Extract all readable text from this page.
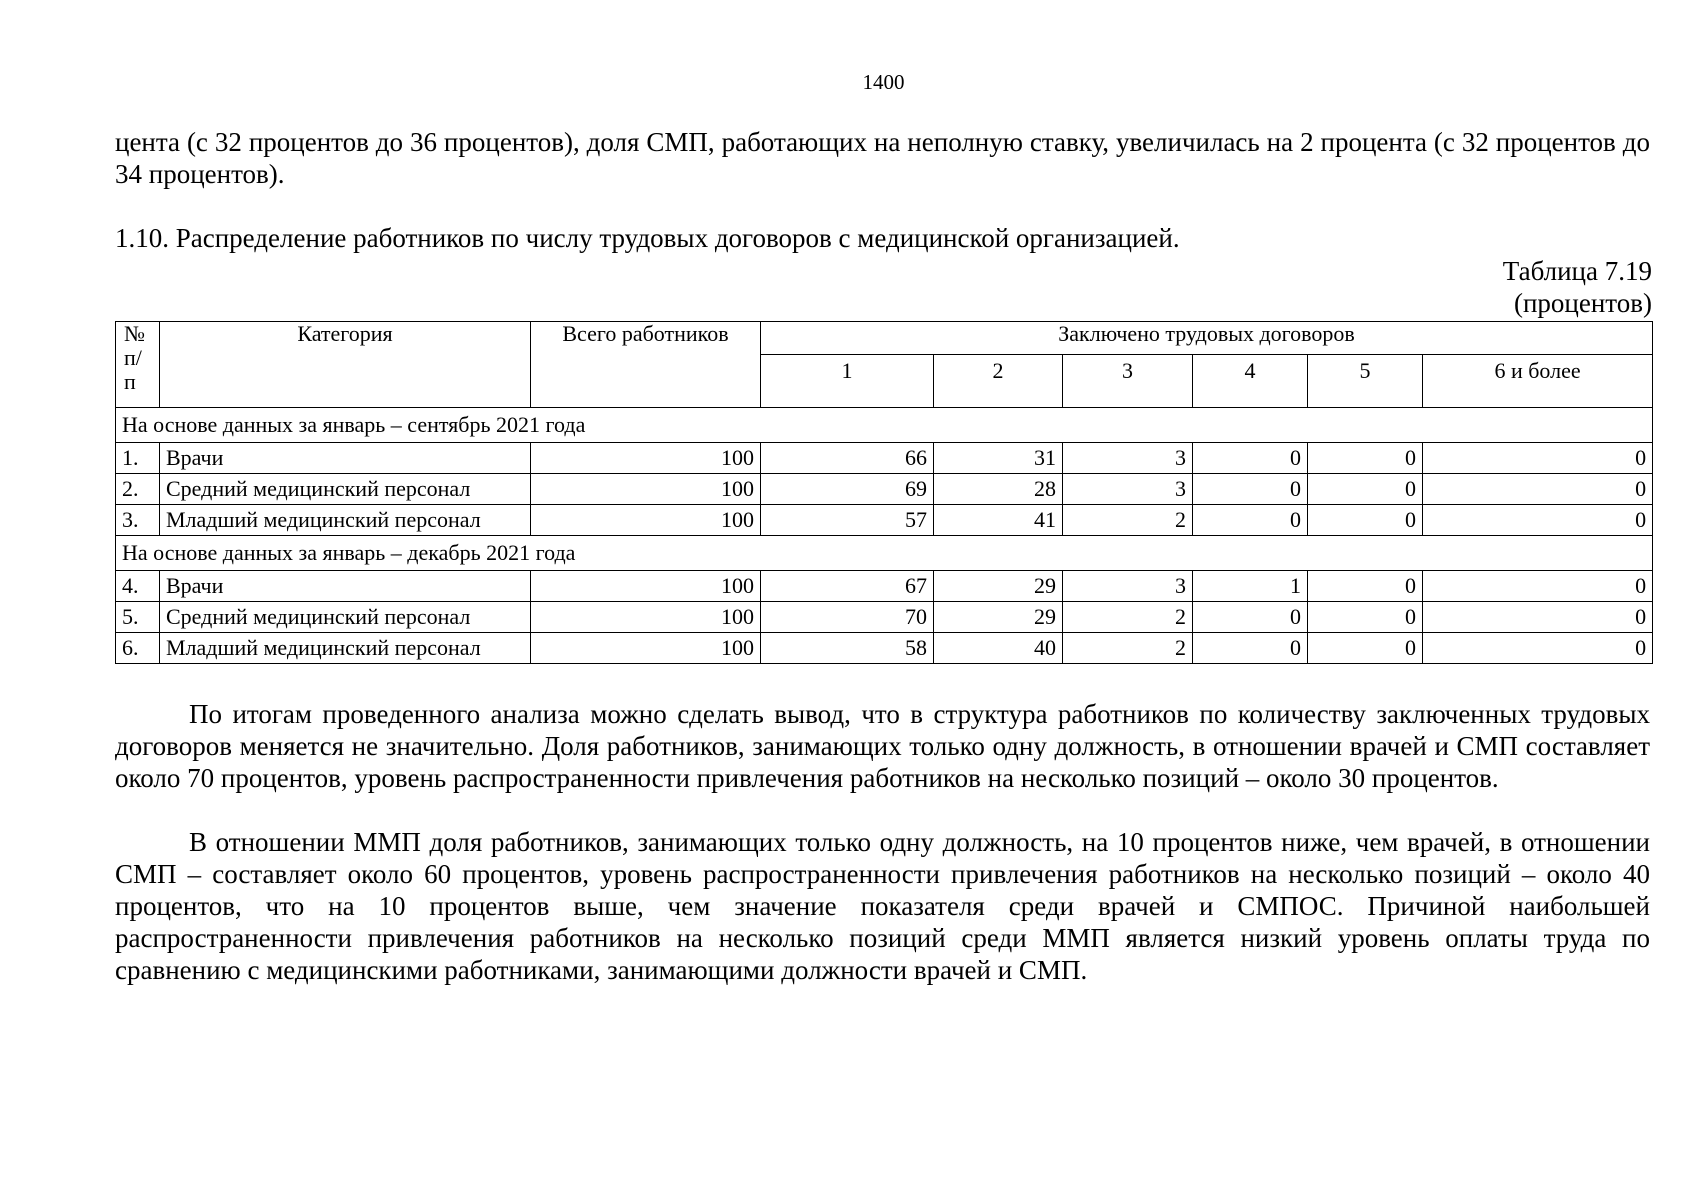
1400
цента (с 32 процентов до 36 процентов), доля СМП, работающих на неполную ставку, увеличилась на 2 процента (с 32 процентов до 34 процентов).
1.10. Распределение работников по числу трудовых договоров с медицинской организацией.
Таблица 7.19
(процентов)
№ п/ п	Категория	Всего работников	Заключено трудовых договоров					
			1	2	3	4	5	6 и более
На основе данных за январь – сентябрь 2021 года								
1.	Врачи	100	66	31	3	0	0	0
2.	Средний медицинский персонал	100	69	28	3	0	0	0
3.	Младший медицинский персонал	100	57	41	2	0	0	0
На основе данных за январь – декабрь 2021 года								
4.	Врачи	100	67	29	3	1	0	0
5.	Средний медицинский персонал	100	70	29	2	0	0	0
6.	Младший медицинский персонал	100	58	40	2	0	0	0
По итогам проведенного анализа можно сделать вывод, что в структура работников по количеству заключенных трудовых договоров меняется не значительно. Доля работников, занимающих только одну должность, в отношении врачей и СМП составляет около 70 процентов, уровень распространенности привлечения работников на несколько позиций – около 30 процентов.
В отношении ММП доля работников, занимающих только одну должность, на 10 процентов ниже, чем врачей, в отношении СМП – составляет около 60 процентов, уровень распространенности привлечения работников на несколько позиций – около 40 процентов, что на 10 процентов выше, чем значение показателя среди врачей и СМПОС. Причиной наибольшей распространенности привлечения работников на несколько позиций среди ММП является низкий уровень оплаты труда по сравнению с медицинскими работниками, занимающими должности врачей и СМП.
